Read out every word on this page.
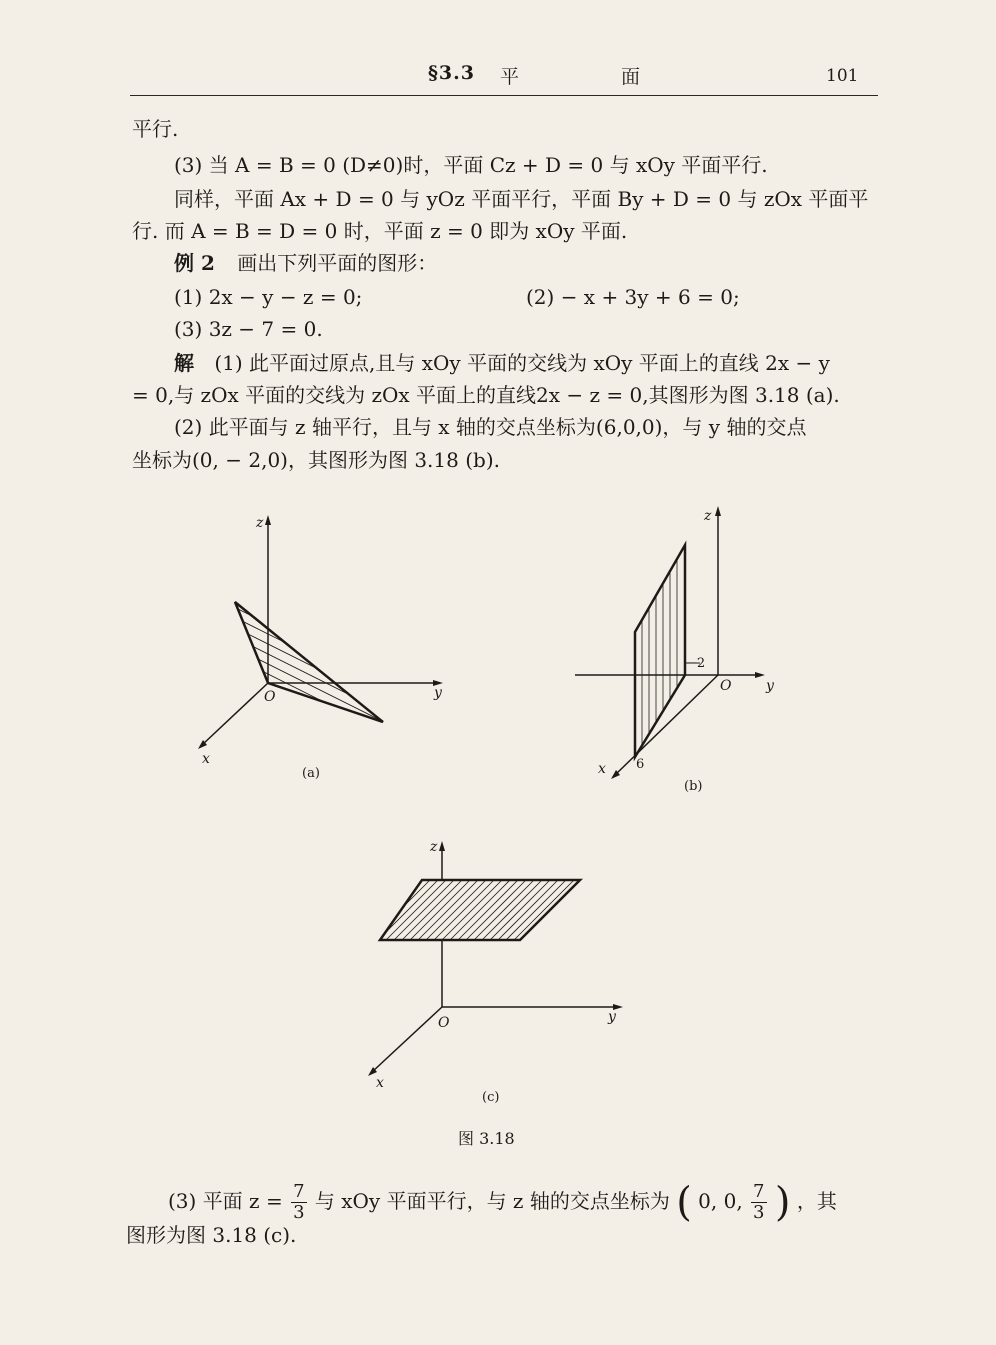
§3.3 平 面	101
平行.
(3) 当 A = B = 0 (D≠0)时，平面 Cz + D = 0 与 xOy 平面平行.
同样，平面 Ax + D = 0 与 yOz 平面平行，平面 By + D = 0 与 zOx 平面平
行. 而 A = B = D = 0 时，平面 z = 0 即为 xOy 平面.
例 2 画出下列平面的图形：
(1) 2x − y − z = 0;	(2) − x + 3y + 6 = 0;
(3) 3z − 7 = 0.
解 (1) 此平面过原点,且与 xOy 平面的交线为 xOy 平面上的直线 2x − y
= 0,与 zOx 平面的交线为 zOx 平面上的直线2x − z = 0,其图形为图 3.18 (a).
(2) 此平面与 z 轴平行，且与 x 轴的交点坐标为(6,0,0)，与 y 轴的交点
坐标为(0, − 2,0)，其图形为图 3.18 (b).
z
y
x
O
(a)
z
y
x
O
−2
6
(b)
z
y
x
O
(c)
图 3.18
(3) 平面 $z = \frac{7}{3}$ 与 xOy 平面平行，与 z 轴的交点坐标为 ( 0, 0, $\frac{7}{3}$ ) ，其
图形为图 3.18 (c).
